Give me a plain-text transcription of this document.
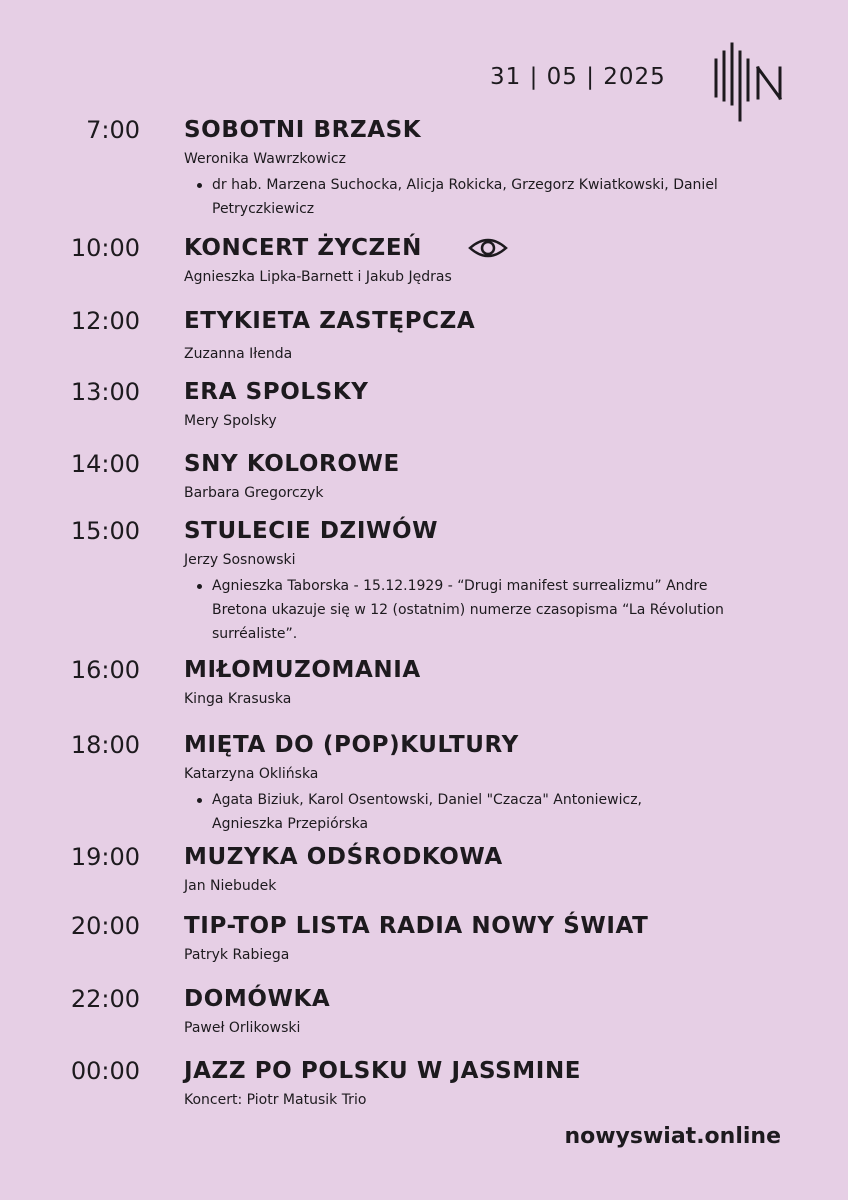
31 | 05 | 2025
7:00 SOBOTNI BRZASK
Weronika Wawrzkowicz
dr hab. Marzena Suchocka, Alicja Rokicka, Grzegorz Kwiatkowski, Daniel Petryczkiewicz
10:00 KONCERT ŻYCZEŃ
Agnieszka Lipka-Barnett i Jakub Jędras
12:00 ETYKIETA ZASTĘPCZA
Zuzanna Iłenda
13:00 ERA SPOLSKY
Mery Spolsky
14:00 SNY KOLOROWE
Barbara Gregorczyk
15:00 STULECIE DZIWÓW
Jerzy Sosnowski
Agnieszka Taborska - 15.12.1929 - “Drugi manifest surrealizmu” Andre Bretona ukazuje się w 12 (ostatnim) numerze czasopisma “La Révolution surréaliste”.
16:00 MIŁOMUZOMANIA
Kinga Krasuska
18:00 MIĘTA DO (POP)KULTURY
Katarzyna Oklińska
Agata Biziuk, Karol Osentowski, Daniel "Czacza" Antoniewicz, Agnieszka Przepiórska
19:00 MUZYKA ODŚRODKOWA
Jan Niebudek
20:00 TIP-TOP LISTA RADIA NOWY ŚWIAT
Patryk Rabiega
22:00 DOMÓWKA
Paweł Orlikowski
00:00 JAZZ PO POLSKU W JASSMINE
Koncert: Piotr Matusik Trio
nowyswiat.online
